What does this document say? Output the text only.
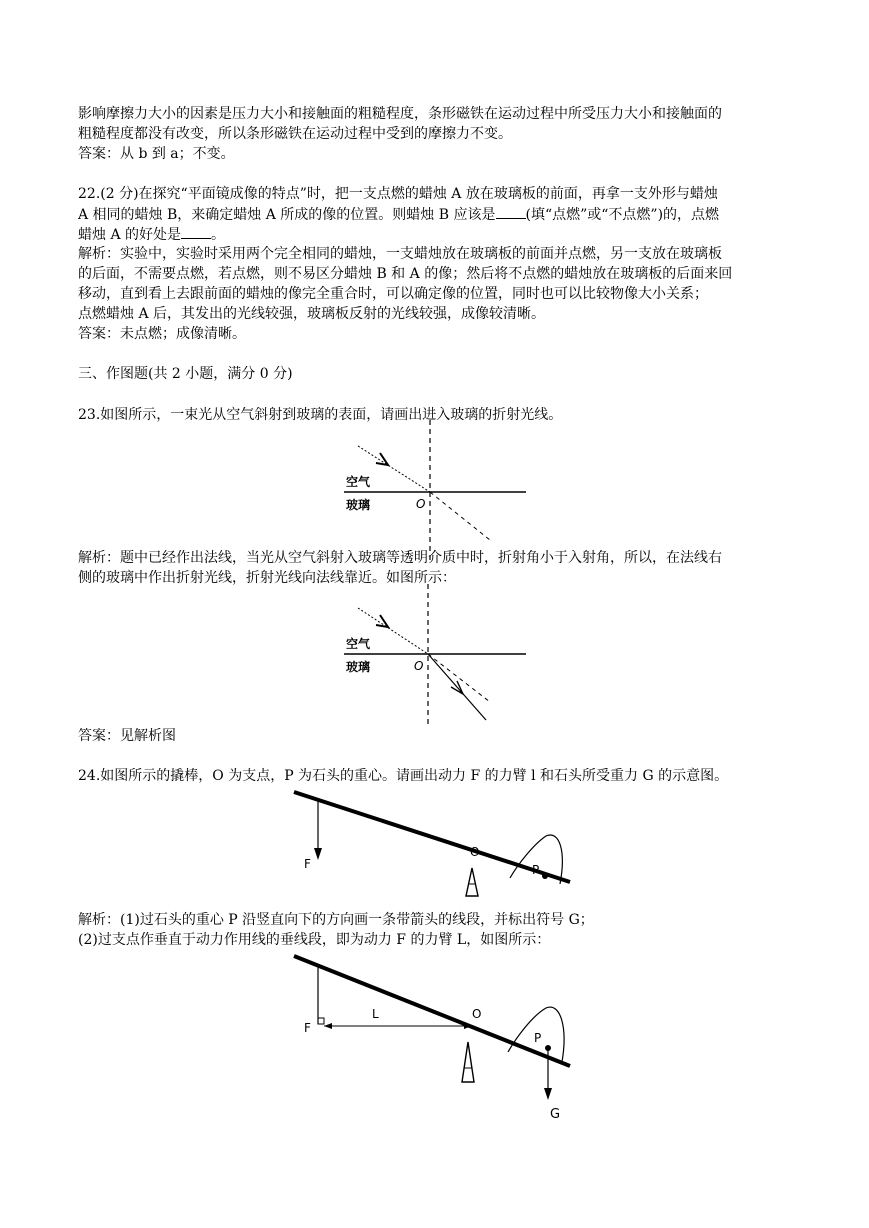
影响摩擦力大小的因素是压力大小和接触面的粗糙程度，条形磁铁在运动过程中所受压力大小和接触面的
粗糙程度都没有改变，所以条形磁铁在运动过程中受到的摩擦力不变。
答案：从 b 到 a；不变。
22.(2 分)在探究“平面镜成像的特点”时，把一支点燃的蜡烛 A 放在玻璃板的前面，再拿一支外形与蜡烛
A 相同的蜡烛 B，来确定蜡烛 A 所成的像的位置。则蜡烛 B 应该是 (填“点燃”或“不点燃”)的，点燃
蜡烛 A 的好处是 。
解析：实验中，实验时采用两个完全相同的蜡烛，一支蜡烛放在玻璃板的前面并点燃，另一支放在玻璃板
的后面，不需要点燃，若点燃，则不易区分蜡烛 B 和 A 的像；然后将不点燃的蜡烛放在玻璃板的后面来回
移动，直到看上去跟前面的蜡烛的像完全重合时，可以确定像的位置，同时也可以比较物像大小关系；
点燃蜡烛 A 后，其发出的光线较强，玻璃板反射的光线较强，成像较清晰。
答案：未点燃；成像清晰。
三、作图题(共 2 小题，满分 0 分)
23.如图所示，一束光从空气斜射到玻璃的表面，请画出进入玻璃的折射光线。
空气
玻璃	O
解析：题中已经作出法线，当光从空气斜射入玻璃等透明介质中时，折射角小于入射角，所以，在法线右
侧的玻璃中作出折射光线，折射光线向法线靠近。如图所示：
空气
玻璃	O
答案：见解析图
24.如图所示的撬棒，O 为支点，P 为石头的重心。请画出动力 F 的力臂 l 和石头所受重力 G 的示意图。
F
O
P
解析：(1)过石头的重心 P 沿竖直向下的方向画一条带箭头的线段，并标出符号 G；
(2)过支点作垂直于动力作用线的垂线段，即为动力 F 的力臂 L，如图所示：
F
L	O
P
G
